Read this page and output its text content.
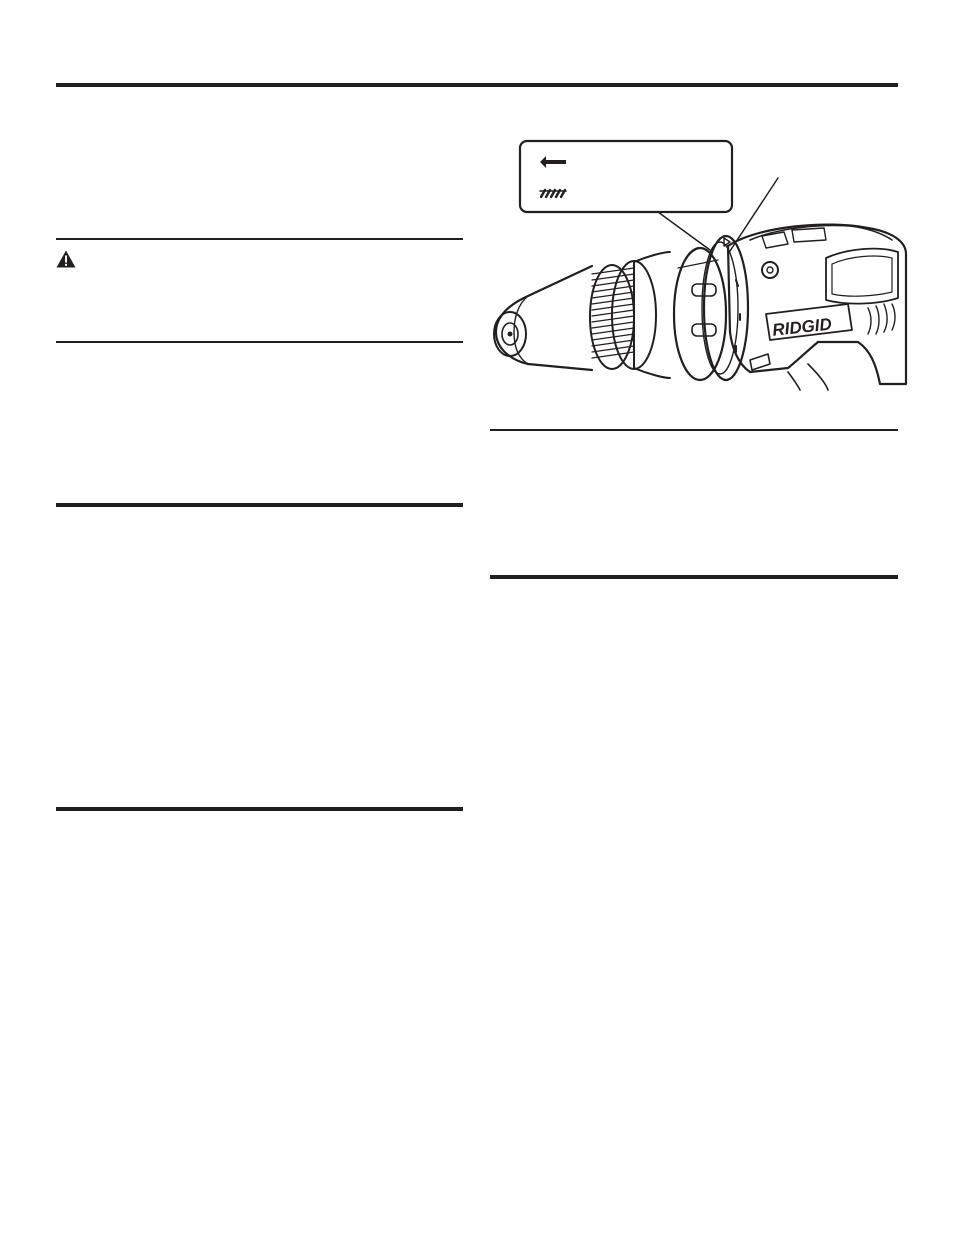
RIDGID
